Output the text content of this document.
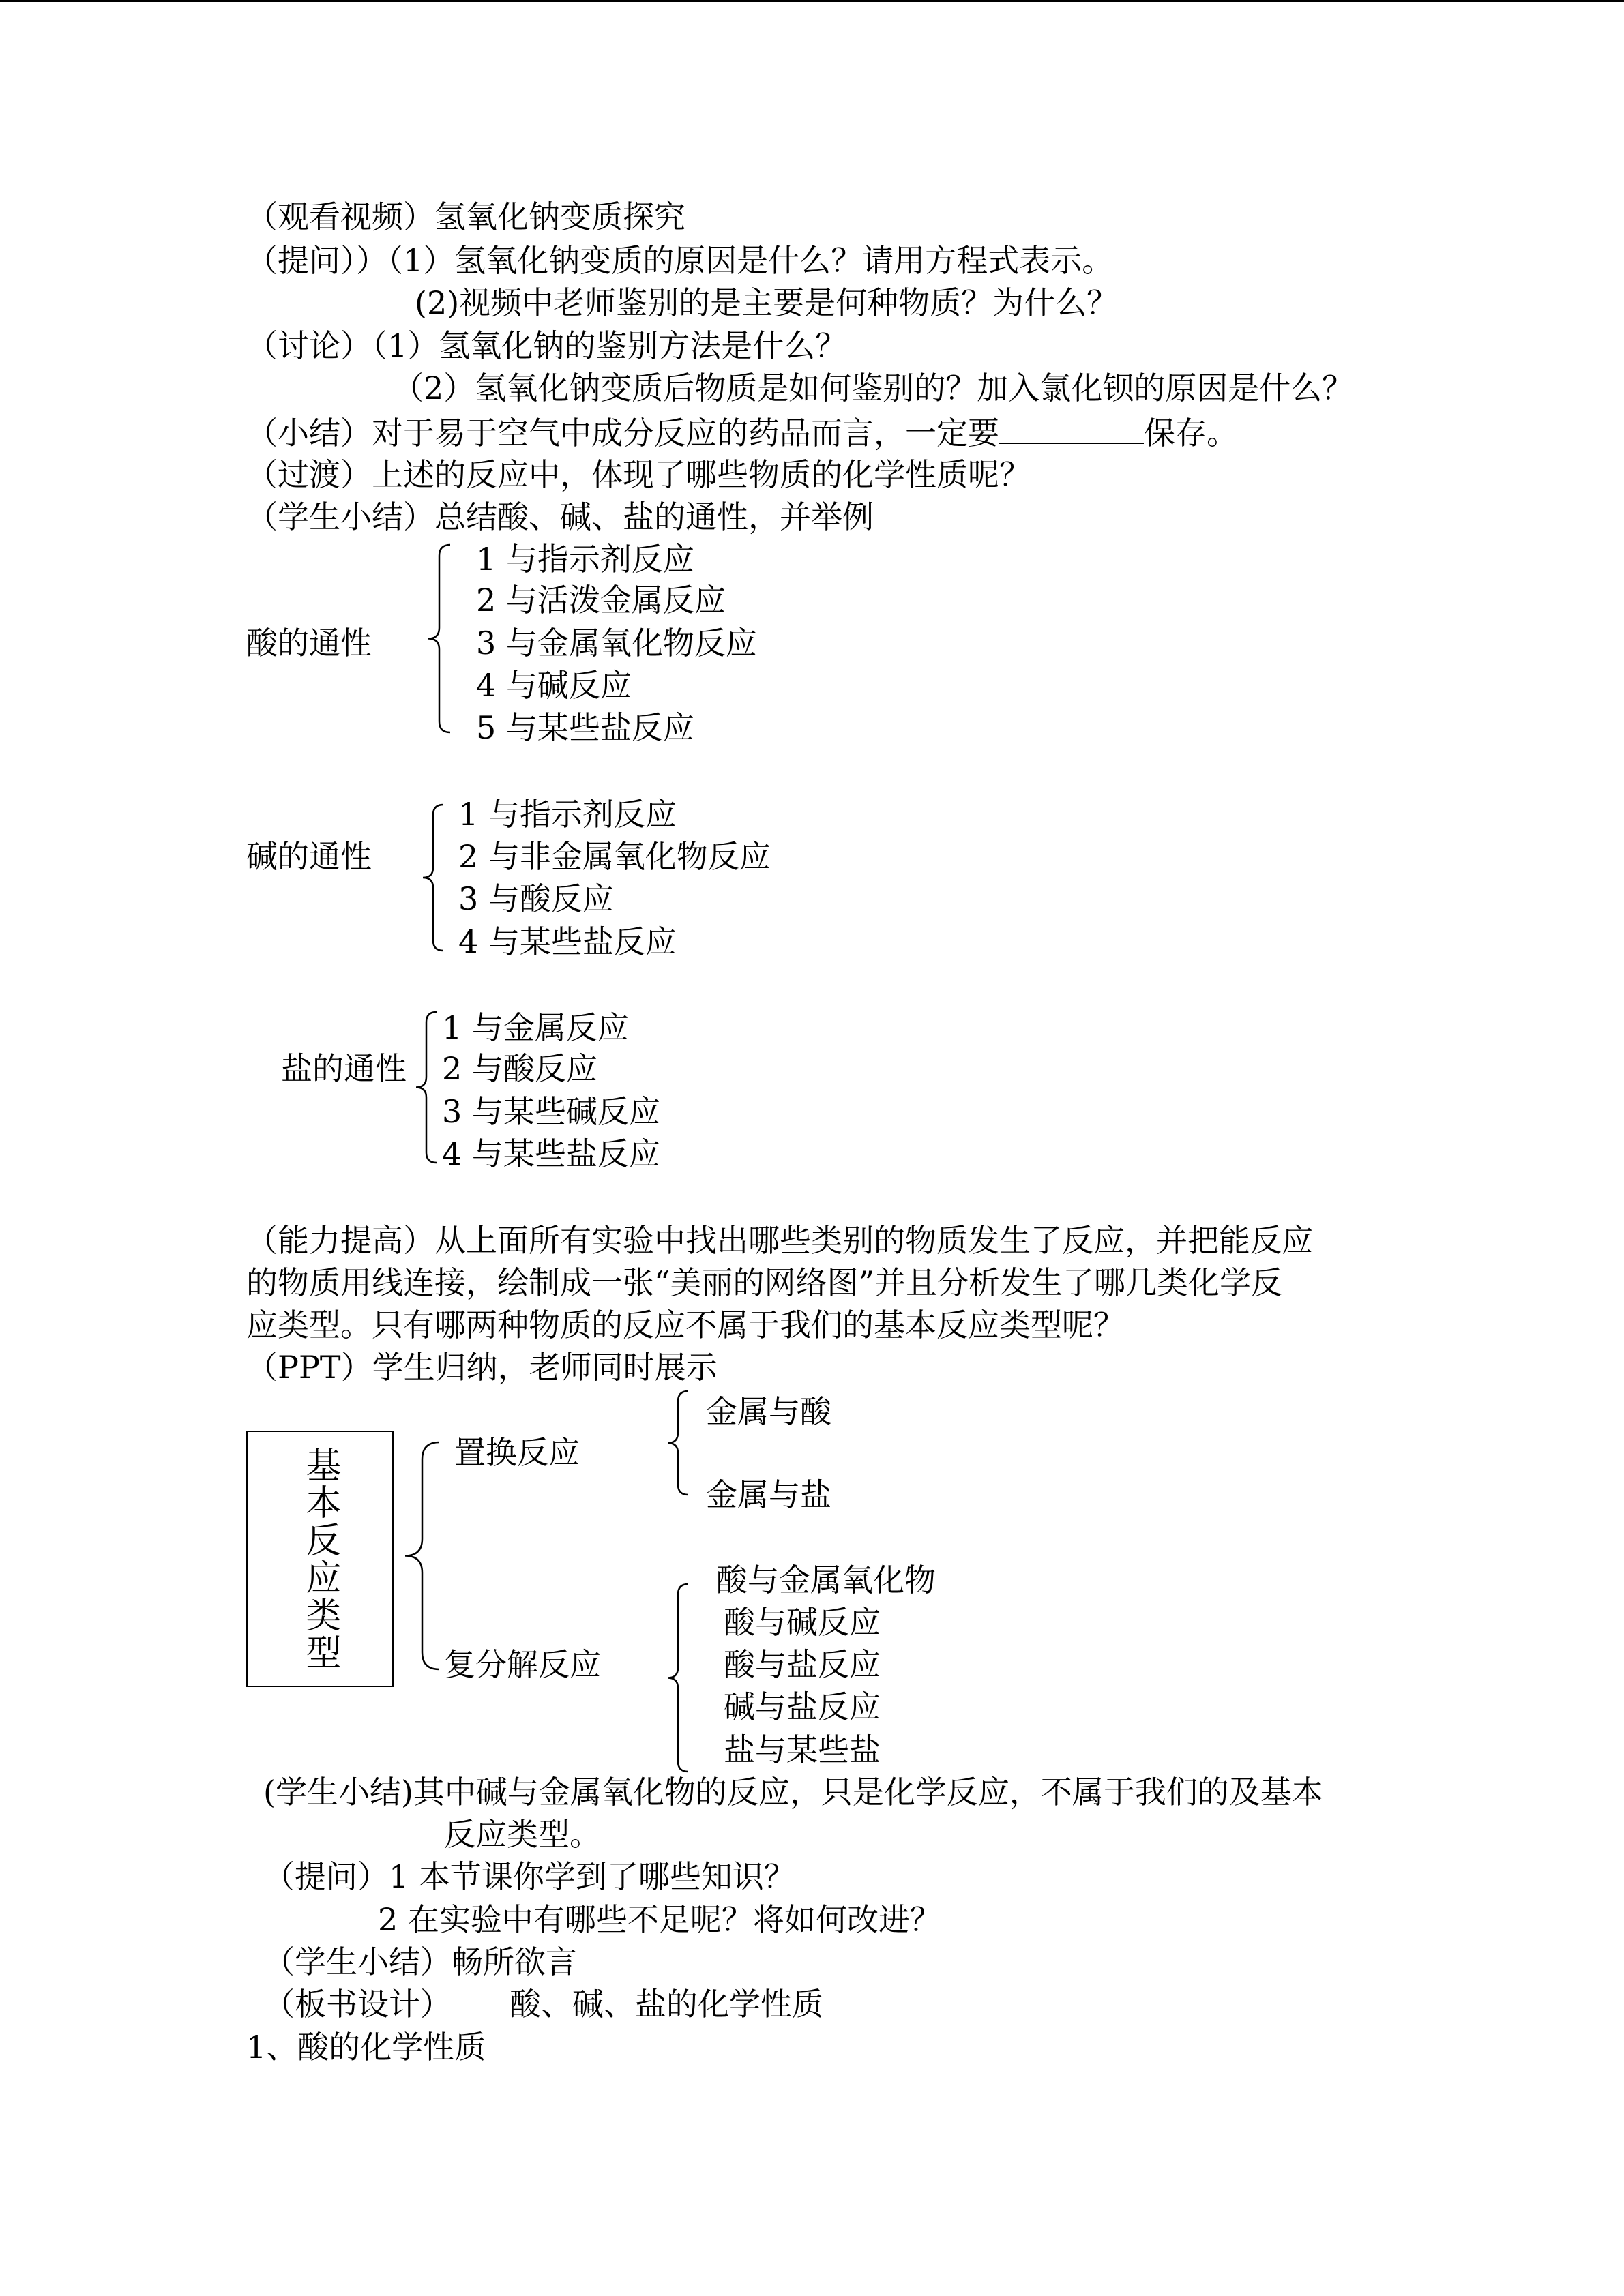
（观看视频）氢氧化钠变质探究
（提问））（1）氢氧化钠变质的原因是什么？请用方程式表示。
(2)视频中老师鉴别的是主要是何种物质？为什么？
（讨论）（1）氢氧化钠的鉴别方法是什么？
（2）氢氧化钠变质后物质是如何鉴别的？加入氯化钡的原因是什么？
（小结）对于易于空气中成分反应的药品而言，一定要	保存。
（过渡）上述的反应中，体现了哪些物质的化学性质呢？
（学生小结）总结酸、碱、盐的通性，并举例
酸的通性
1 与指示剂反应
2 与活泼金属反应
3 与金属氧化物反应
4 与碱反应
5 与某些盐反应
碱的通性
1 与指示剂反应
2 与非金属氧化物反应
3 与酸反应
4 与某些盐反应
盐的通性
1 与金属反应
2 与酸反应
3 与某些碱反应
4 与某些盐反应
（能力提高）从上面所有实验中找出哪些类别的物质发生了反应，并把能反应
的物质用线连接，绘制成一张“美丽的网络图”并且分析发生了哪几类化学反
应类型。只有哪两种物质的反应不属于我们的基本反应类型呢？
（PPT）学生归纳，老师同时展示
基本反应类型	置换反应
金属与酸
金属与盐
复分解反应
酸与金属氧化物
酸与碱反应
酸与盐反应
碱与盐反应
盐与某些盐
(学生小结)其中碱与金属氧化物的反应，只是化学反应，不属于我们的及基本
反应类型。
（提问）1 本节课你学到了哪些知识？
2 在实验中有哪些不足呢？将如何改进？
（学生小结）畅所欲言
（板书设计） 酸、碱、盐的化学性质
1、酸的化学性质
